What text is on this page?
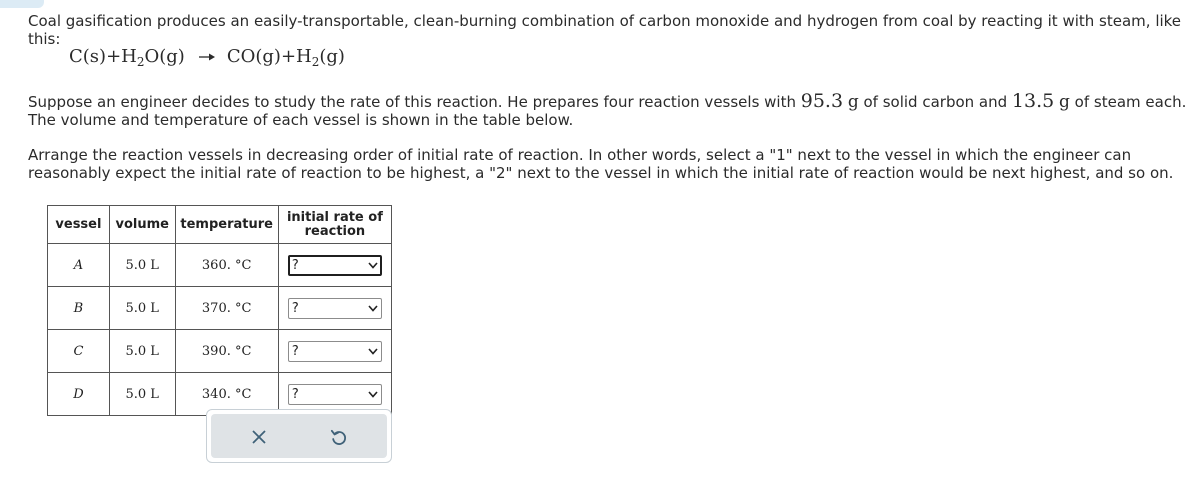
Coal gasification produces an easily-transportable, clean-burning combination of carbon monoxide and hydrogen from coal by reacting it with steam, like this:

$C(s) + H_2O(g) \to CO(g) + H_2(g)$

Suppose an engineer decides to study the rate of this reaction. He prepares four reaction vessels with 95.3 g of solid carbon and 13.5 g of steam each. The volume and temperature of each vessel is shown in the table below.

Arrange the reaction vessels in decreasing order of initial rate of reaction. In other words, select a "1" next to the vessel in which the engineer can reasonably expect the initial rate of reaction to be highest, a "2" next to the vessel in which the initial rate of reaction would be next highest, and so on.

vessel	volume	temperature	initial rate of reaction
A	5.0 L	360. °C	?

B	5.0 L	370. °C	?

C	5.0 L	390. °C	?

D	5.0 L	340. °C	?
